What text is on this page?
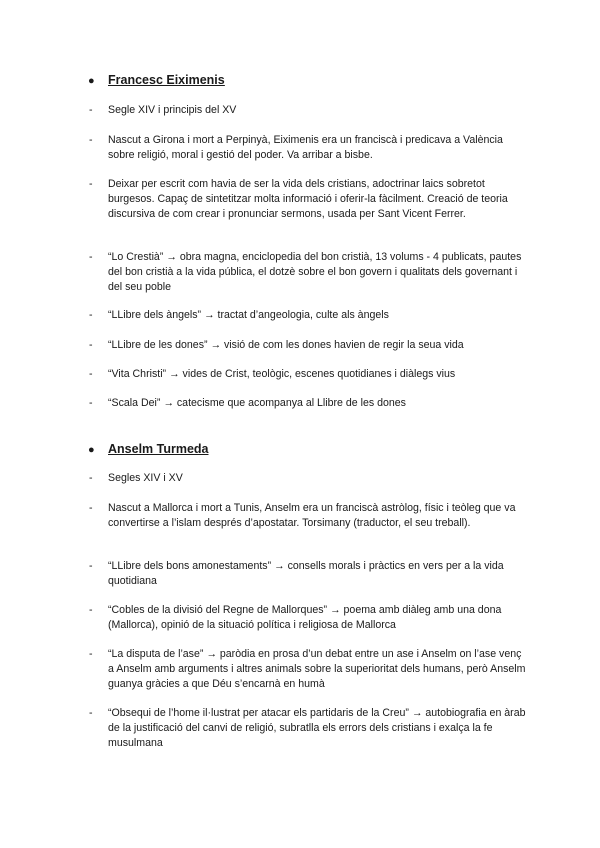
● Francesc Eiximenis
- Segle XIV i principis del XV
- Nascut a Girona i mort a Perpinyà, Eiximenis era un franciscà i predicava a València sobre religió, moral i gestió del poder. Va arribar a bisbe.
- Deixar per escrit com havia de ser la vida dels cristians, adoctrinar laics sobretot burgesos. Capaç de sintetitzar molta informació i oferir-la fàcilment. Creació de teoria discursiva de com crear i pronunciar sermons, usada per Sant Vicent Ferrer.
- “Lo Crestià” → obra magna, enciclopedia del bon cristià, 13 volums - 4 publicats, pautes del bon cristià a la vida pública, el dotzè sobre el bon govern i qualitats dels governant i del seu poble
- “LLibre dels àngels” → tractat d’angeologia, culte als àngels
- “LLibre de les dones” → visió de com les dones havien de regir la seua vida
- “Vita Christi” → vides de Crist, teològic, escenes quotidianes i diàlegs vius
- “Scala Dei” → catecisme que acompanya al Llibre de les dones
● Anselm Turmeda
- Segles XIV i XV
- Nascut a Mallorca i mort a Tunis, Anselm era un franciscà astròlog, físic i teòleg que va convertirse a l’islam després d’apostatar. Torsimany (traductor, el seu treball).
- “LLibre dels bons amonestaments” → consells morals i pràctics en vers per a la vida quotidiana
- “Cobles de la divisió del Regne de Mallorques” → poema amb diàleg amb una dona (Mallorca), opinió de la situació política i religiosa de Mallorca
- “La disputa de l’ase” → paròdia en prosa d’un debat entre un ase i Anselm on l’ase venç a Anselm amb arguments i altres animals sobre la superioritat dels humans, però Anselm guanya gràcies a que Déu s’encarnà en humà
- “Obsequi de l’home il·lustrat per atacar els partidaris de la Creu” → autobiografia en àrab de la justificació del canvi de religió, subratlla els errors dels cristians i exalça la fe musulmana
